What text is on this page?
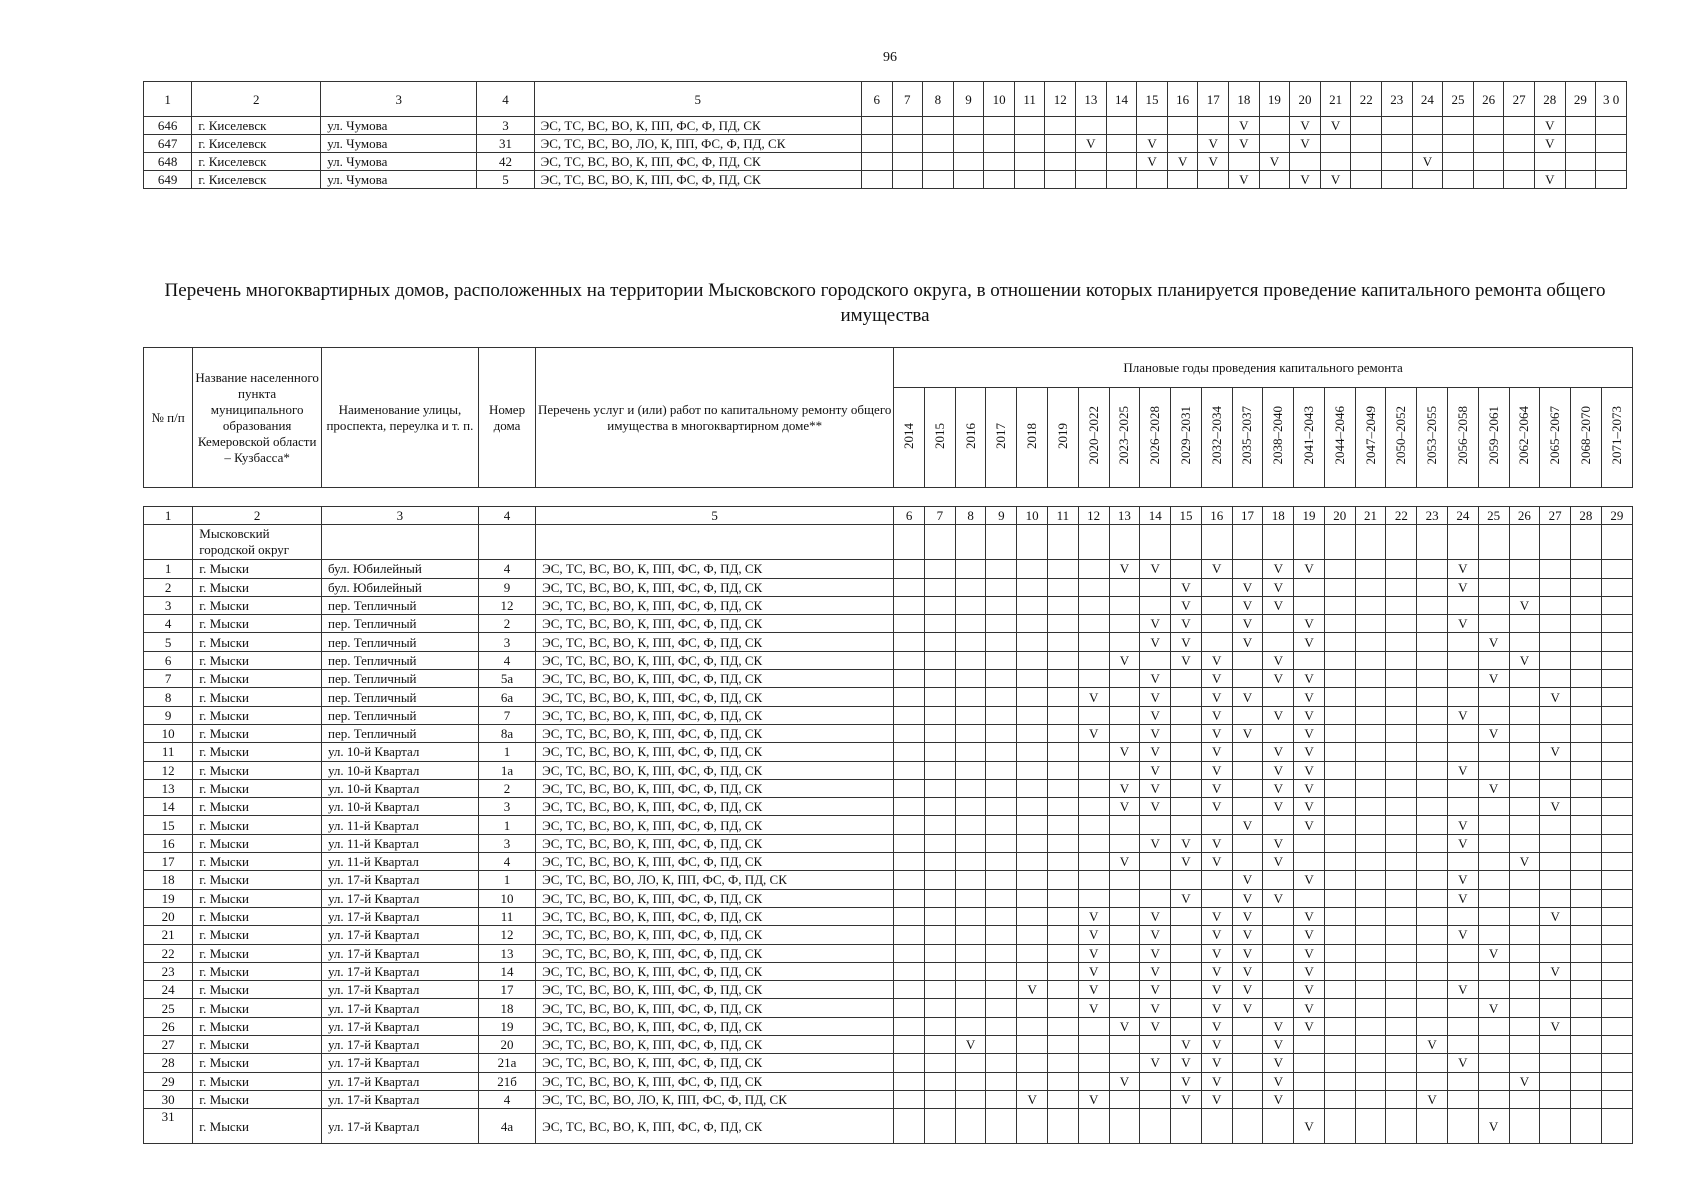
96
1	2	3	4	5	6	7	8	9	10	11	12	13	14	15	16	17	18	19	20	21	22	23	24	25	26	27	28	29	3 0
646	г. Киселевск	ул. Чумова	3	ЭС, ТС, ВС, ВО, К, ПП, ФС, Ф, ПД, СК													V		V	V							V		
647	г. Киселевск	ул. Чумова	31	ЭС, ТС, ВС, ВО, ЛО, К, ПП, ФС, Ф, ПД, СК								V		V		V	V		V								V		
648	г. Киселевск	ул. Чумова	42	ЭС, ТС, ВС, ВО, К, ПП, ФС, Ф, ПД, СК										V	V	V		V					V						
649	г. Киселевск	ул. Чумова	5	ЭС, ТС, ВС, ВО, К, ПП, ФС, Ф, ПД, СК													V		V	V							V		
Перечень многоквартирных домов, расположенных на территории Мысковского городского округа, в отношении которых планируется проведение капитального ремонта общего имущества
№ п/п	Название населенного пункта муниципального образования Кемеровской области – Кузбасса*	Наименование улицы, проспекта, переулка и т. п.	Номер дома	Перечень услуг и (или) работ по капитальному ремонту общего имущества в многоквартирном доме**	Плановые годы проведения капитального ремонта																							
					2014	2015	2016	2017	2018	2019	2020–2022	2023–2025	2026–2028	2029–2031	2032–2034	2035–2037	2038–2040	2041–2043	2044–2046	2047–2049	2050–2052	2053–2055	2056–2058	2059–2061	2062–2064	2065–2067	2068–2070	2071–2073

1	2	3	4	5	6	7	8	9	10	11	12	13	14	15	16	17	18	19	20	21	22	23	24	25	26	27	28	29
	Мысковский городской округ																											
1	г. Мыски	бул. Юбилейный	4	ЭС, ТС, ВС, ВО, К, ПП, ФС, Ф, ПД, СК								V	V		V		V	V					V					
2	г. Мыски	бул. Юбилейный	9	ЭС, ТС, ВС, ВО, К, ПП, ФС, Ф, ПД, СК										V		V	V						V					
3	г. Мыски	пер. Тепличный	12	ЭС, ТС, ВС, ВО, К, ПП, ФС, Ф, ПД, СК										V		V	V								V			
4	г. Мыски	пер. Тепличный	2	ЭС, ТС, ВС, ВО, К, ПП, ФС, Ф, ПД, СК									V	V		V		V					V					
5	г. Мыски	пер. Тепличный	3	ЭС, ТС, ВС, ВО, К, ПП, ФС, Ф, ПД, СК									V	V		V		V						V				
6	г. Мыски	пер. Тепличный	4	ЭС, ТС, ВС, ВО, К, ПП, ФС, Ф, ПД, СК								V		V	V		V								V			
7	г. Мыски	пер. Тепличный	5а	ЭС, ТС, ВС, ВО, К, ПП, ФС, Ф, ПД, СК									V		V		V	V						V				
8	г. Мыски	пер. Тепличный	6а	ЭС, ТС, ВС, ВО, К, ПП, ФС, Ф, ПД, СК							V		V		V	V		V								V		
9	г. Мыски	пер. Тепличный	7	ЭС, ТС, ВС, ВО, К, ПП, ФС, Ф, ПД, СК									V		V		V	V					V					
10	г. Мыски	пер. Тепличный	8а	ЭС, ТС, ВС, ВО, К, ПП, ФС, Ф, ПД, СК							V		V		V	V		V						V				
11	г. Мыски	ул. 10-й Квартал	1	ЭС, ТС, ВС, ВО, К, ПП, ФС, Ф, ПД, СК								V	V		V		V	V								V		
12	г. Мыски	ул. 10-й Квартал	1а	ЭС, ТС, ВС, ВО, К, ПП, ФС, Ф, ПД, СК									V		V		V	V					V					
13	г. Мыски	ул. 10-й Квартал	2	ЭС, ТС, ВС, ВО, К, ПП, ФС, Ф, ПД, СК								V	V		V		V	V						V				
14	г. Мыски	ул. 10-й Квартал	3	ЭС, ТС, ВС, ВО, К, ПП, ФС, Ф, ПД, СК								V	V		V		V	V								V		
15	г. Мыски	ул. 11-й Квартал	1	ЭС, ТС, ВС, ВО, К, ПП, ФС, Ф, ПД, СК												V		V					V					
16	г. Мыски	ул. 11-й Квартал	3	ЭС, ТС, ВС, ВО, К, ПП, ФС, Ф, ПД, СК									V	V	V		V						V					
17	г. Мыски	ул. 11-й Квартал	4	ЭС, ТС, ВС, ВО, К, ПП, ФС, Ф, ПД, СК								V		V	V		V								V			
18	г. Мыски	ул. 17-й Квартал	1	ЭС, ТС, ВС, ВО, ЛО, К, ПП, ФС, Ф, ПД, СК												V		V					V					
19	г. Мыски	ул. 17-й Квартал	10	ЭС, ТС, ВС, ВО, К, ПП, ФС, Ф, ПД, СК										V		V	V						V					
20	г. Мыски	ул. 17-й Квартал	11	ЭС, ТС, ВС, ВО, К, ПП, ФС, Ф, ПД, СК							V		V		V	V		V								V		
21	г. Мыски	ул. 17-й Квартал	12	ЭС, ТС, ВС, ВО, К, ПП, ФС, Ф, ПД, СК							V		V		V	V		V					V					
22	г. Мыски	ул. 17-й Квартал	13	ЭС, ТС, ВС, ВО, К, ПП, ФС, Ф, ПД, СК							V		V		V	V		V						V				
23	г. Мыски	ул. 17-й Квартал	14	ЭС, ТС, ВС, ВО, К, ПП, ФС, Ф, ПД, СК							V		V		V	V		V								V		
24	г. Мыски	ул. 17-й Квартал	17	ЭС, ТС, ВС, ВО, К, ПП, ФС, Ф, ПД, СК					V		V		V		V	V		V					V					
25	г. Мыски	ул. 17-й Квартал	18	ЭС, ТС, ВС, ВО, К, ПП, ФС, Ф, ПД, СК							V		V		V	V		V						V				
26	г. Мыски	ул. 17-й Квартал	19	ЭС, ТС, ВС, ВО, К, ПП, ФС, Ф, ПД, СК								V	V		V		V	V								V		
27	г. Мыски	ул. 17-й Квартал	20	ЭС, ТС, ВС, ВО, К, ПП, ФС, Ф, ПД, СК			V							V	V		V					V						
28	г. Мыски	ул. 17-й Квартал	21а	ЭС, ТС, ВС, ВО, К, ПП, ФС, Ф, ПД, СК									V	V	V		V						V					
29	г. Мыски	ул. 17-й Квартал	21б	ЭС, ТС, ВС, ВО, К, ПП, ФС, Ф, ПД, СК								V		V	V		V								V			
30	г. Мыски	ул. 17-й Квартал	4	ЭС, ТС, ВС, ВО, ЛО, К, ПП, ФС, Ф, ПД, СК					V		V			V	V		V					V						
31	г. Мыски	ул. 17-й Квартал	4а	ЭС, ТС, ВС, ВО, К, ПП, ФС, Ф, ПД, СК														V						V				
